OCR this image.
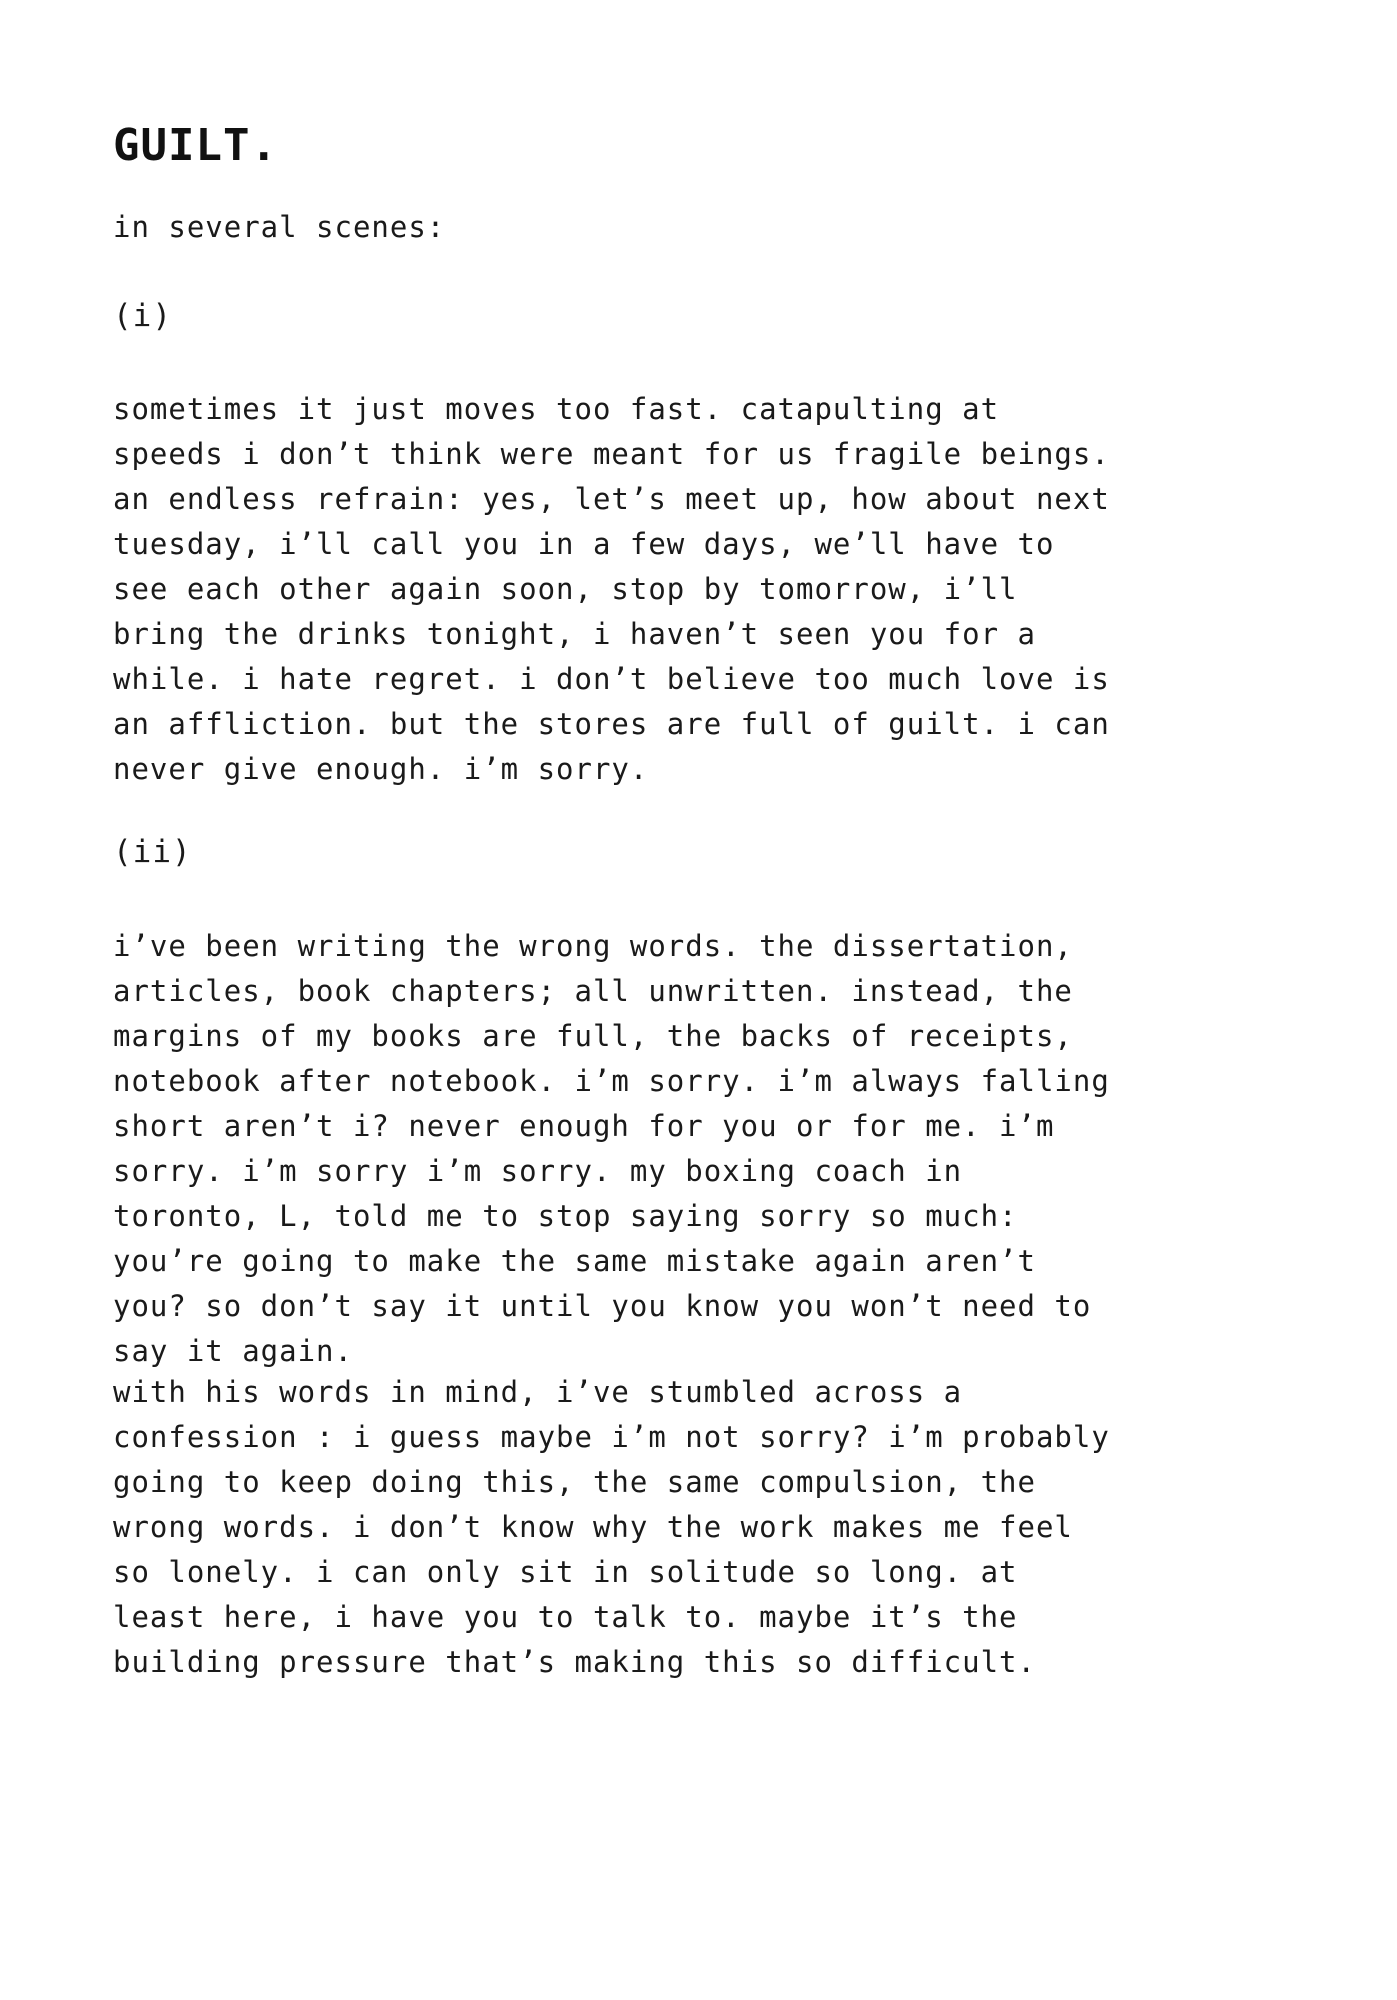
GUILT.

in several scenes:

(i)

sometimes it just moves too fast. catapulting at
speeds i don’t think were meant for us fragile beings.
an endless refrain: yes, let’s meet up, how about next
tuesday, i’ll call you in a few days, we’ll have to
see each other again soon, stop by tomorrow, i’ll
bring the drinks tonight, i haven’t seen you for a
while. i hate regret. i don’t believe too much love is
an affliction. but the stores are full of guilt. i can
never give enough. i’m sorry.

(ii)

i’ve been writing the wrong words. the dissertation,
articles, book chapters; all unwritten. instead, the
margins of my books are full, the backs of receipts,
notebook after notebook. i’m sorry. i’m always falling
short aren’t i? never enough for you or for me. i’m
sorry. i’m sorry i’m sorry. my boxing coach in
toronto, L, told me to stop saying sorry so much:
you’re going to make the same mistake again aren’t
you? so don’t say it until you know you won’t need to
say it again.
with his words in mind, i’ve stumbled across a
confession : i guess maybe i’m not sorry? i’m probably
going to keep doing this, the same compulsion, the
wrong words. i don’t know why the work makes me feel
so lonely. i can only sit in solitude so long. at
least here, i have you to talk to. maybe it’s the
building pressure that’s making this so difficult.
